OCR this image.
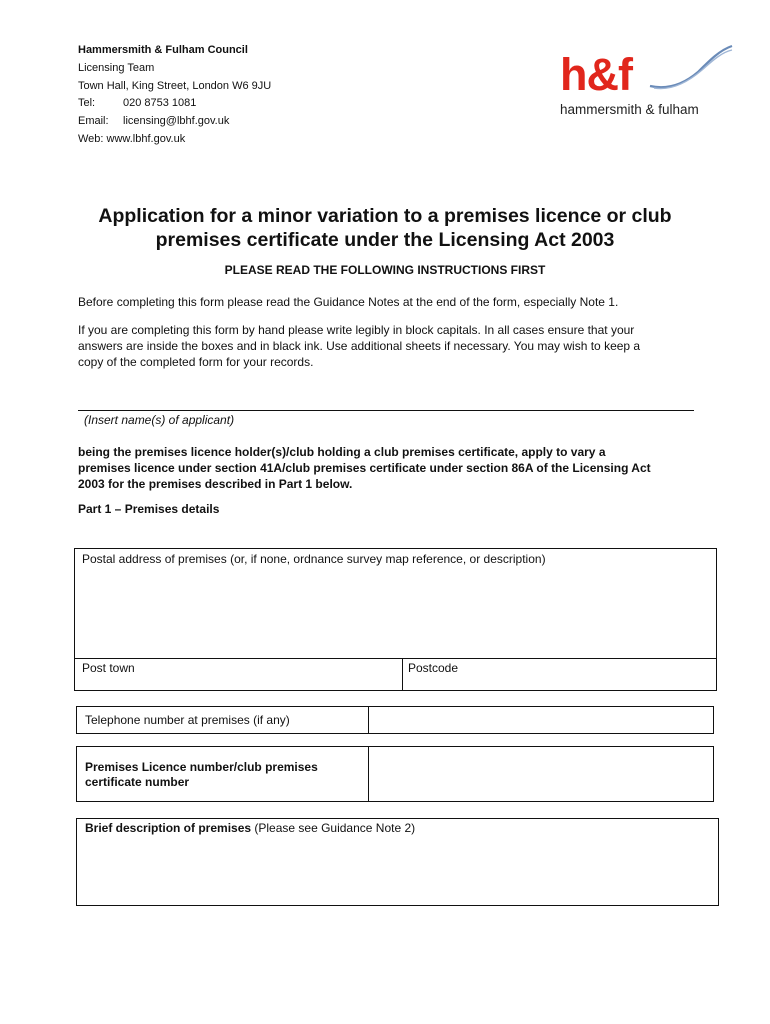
Hammersmith & Fulham Council
Licensing Team
Town Hall, King Street, London W6 9JU
Tel:	020 8753 1081
Email: licensing@lbhf.gov.uk
Web: www.lbhf.gov.uk
h&f
hammersmith & fulham
Application for a minor variation to a premises licence or club
premises certificate under the Licensing Act 2003
PLEASE READ THE FOLLOWING INSTRUCTIONS FIRST
Before completing this form please read the Guidance Notes at the end of the form, especially Note 1.
If you are completing this form by hand please write legibly in block capitals. In all cases ensure that your
answers are inside the boxes and in black ink. Use additional sheets if necessary. You may wish to keep a
copy of the completed form for your records.
(Insert name(s) of applicant)
being the premises licence holder(s)/club holding a club premises certificate, apply to vary a
premises licence under section 41A/club premises certificate under section 86A of the Licensing Act
2003 for the premises described in Part 1 below.
Part 1 – Premises details
Postal address of premises (or, if none, ordnance survey map reference, or description)
Post town	Postcode
Telephone number at premises (if any)
Premises Licence number/club premises
certificate number
Brief description of premises (Please see Guidance Note 2)
